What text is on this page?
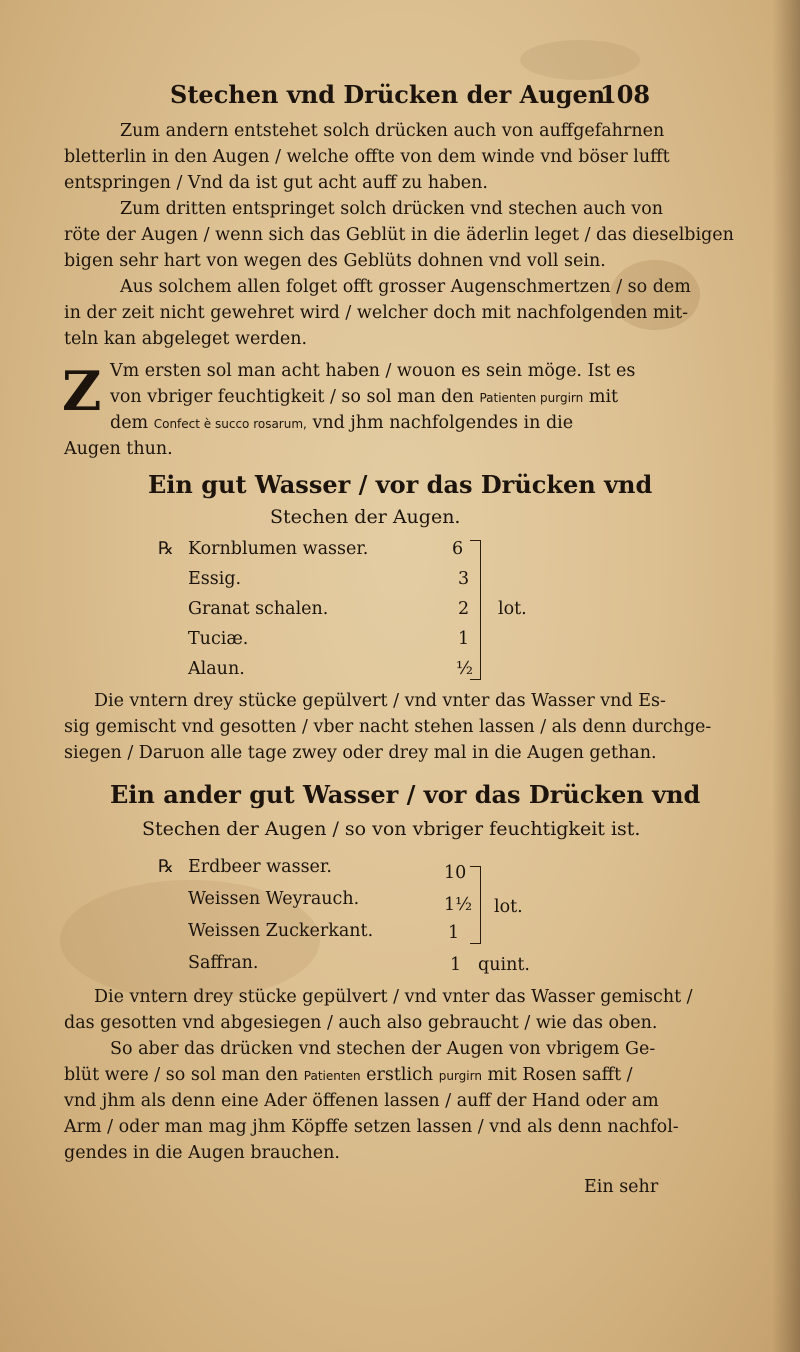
Stechen vnd Drücken der Augen.
108
Zum andern entstehet solch drücken auch von auffgefahrnen
bletterlin in den Augen / welche offte von dem winde vnd böser lufft
entspringen / Vnd da ist gut acht auff zu haben.
Zum dritten entspringet solch drücken vnd stechen auch von
röte der Augen / wenn sich das Geblüt in die äderlin leget / das dieselbigen
bigen sehr hart von wegen des Geblüts dohnen vnd voll sein.
Aus solchem allen folget offt grosser Augenschmertzen / so dem
in der zeit nicht gewehret wird / welcher doch mit nachfolgenden mit-
teln kan abgeleget werden.
Z Vm ersten sol man acht haben / wouon es sein möge. Ist es
von vbriger feuchtigkeit / so sol man den Patienten purgirn mit
dem Confect è succo rosarum, vnd jhm nachfolgendes in die
Augen thun.
Ein gut Wasser / vor das Drücken vnd
Stechen der Augen.
℞ Kornblumen wasser.	6
Essig.	3
Granat schalen.	2
Tuciæ.	1
Alaun.	½
lot.
Die vntern drey stücke gepülvert / vnd vnter das Wasser vnd Es-
sig gemischt vnd gesotten / vber nacht stehen lassen / als denn durchge-
siegen / Daruon alle tage zwey oder drey mal in die Augen gethan.
Ein ander gut Wasser / vor das Drücken vnd
Stechen der Augen / so von vbriger feuchtigkeit ist.
℞ Erdbeer wasser.	10
Weissen Weyrauch.	1½
Weissen Zuckerkant.	1
lot.
Saffran.	1 quint.
Die vntern drey stücke gepülvert / vnd vnter das Wasser gemischt /
das gesotten vnd abgesiegen / auch also gebraucht / wie das oben.
So aber das drücken vnd stechen der Augen von vbrigem Ge-
blüt were / so sol man den Patienten erstlich purgirn mit Rosen safft /
vnd jhm als denn eine Ader öffenen lassen / auff der Hand oder am
Arm / oder man mag jhm Köpffe setzen lassen / vnd als denn nachfol-
gendes in die Augen brauchen.
Ein sehr
